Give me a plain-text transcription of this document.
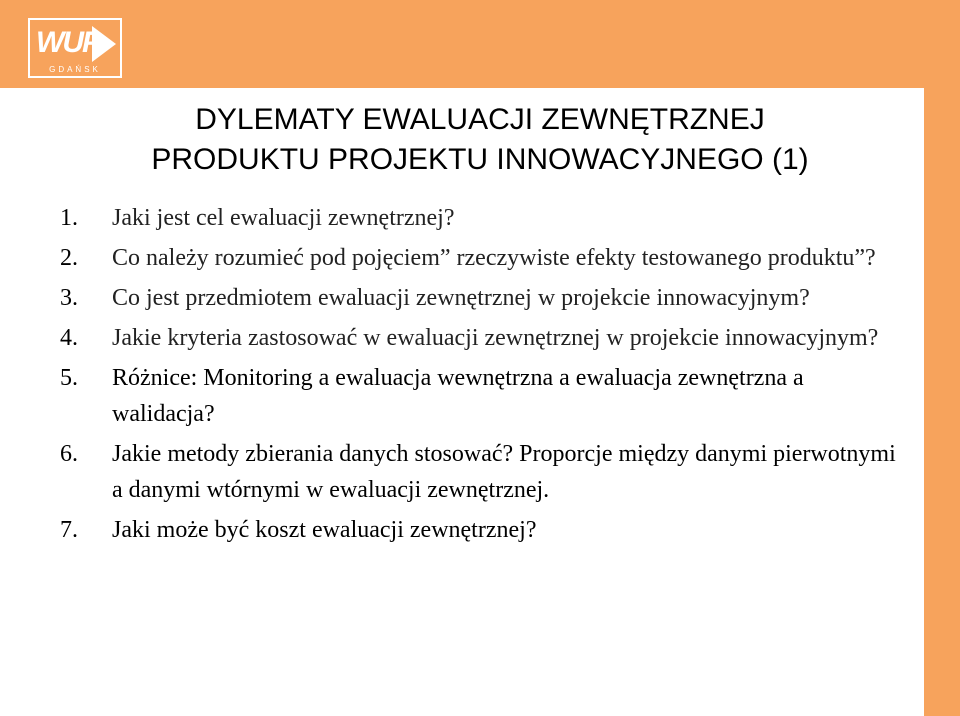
WUP
GDAŃSK
DYLEMATY EWALUACJI ZEWNĘTRZNEJ
PRODUKTU PROJEKTU INNOWACYJNEGO (1)
1. Jaki jest cel ewaluacji zewnętrznej?
2. Co należy rozumieć pod pojęciem” rzeczywiste efekty testowanego produktu”?
3. Co jest przedmiotem ewaluacji zewnętrznej w projekcie innowacyjnym?
4. Jakie kryteria zastosować w ewaluacji zewnętrznej w projekcie innowacyjnym?
5. Różnice: Monitoring a ewaluacja wewnętrzna a ewaluacja zewnętrzna a walidacja?
6. Jakie metody zbierania danych stosować? Proporcje między danymi pierwotnymi a danymi wtórnymi w ewaluacji zewnętrznej.
7. Jaki może być koszt ewaluacji zewnętrznej?
